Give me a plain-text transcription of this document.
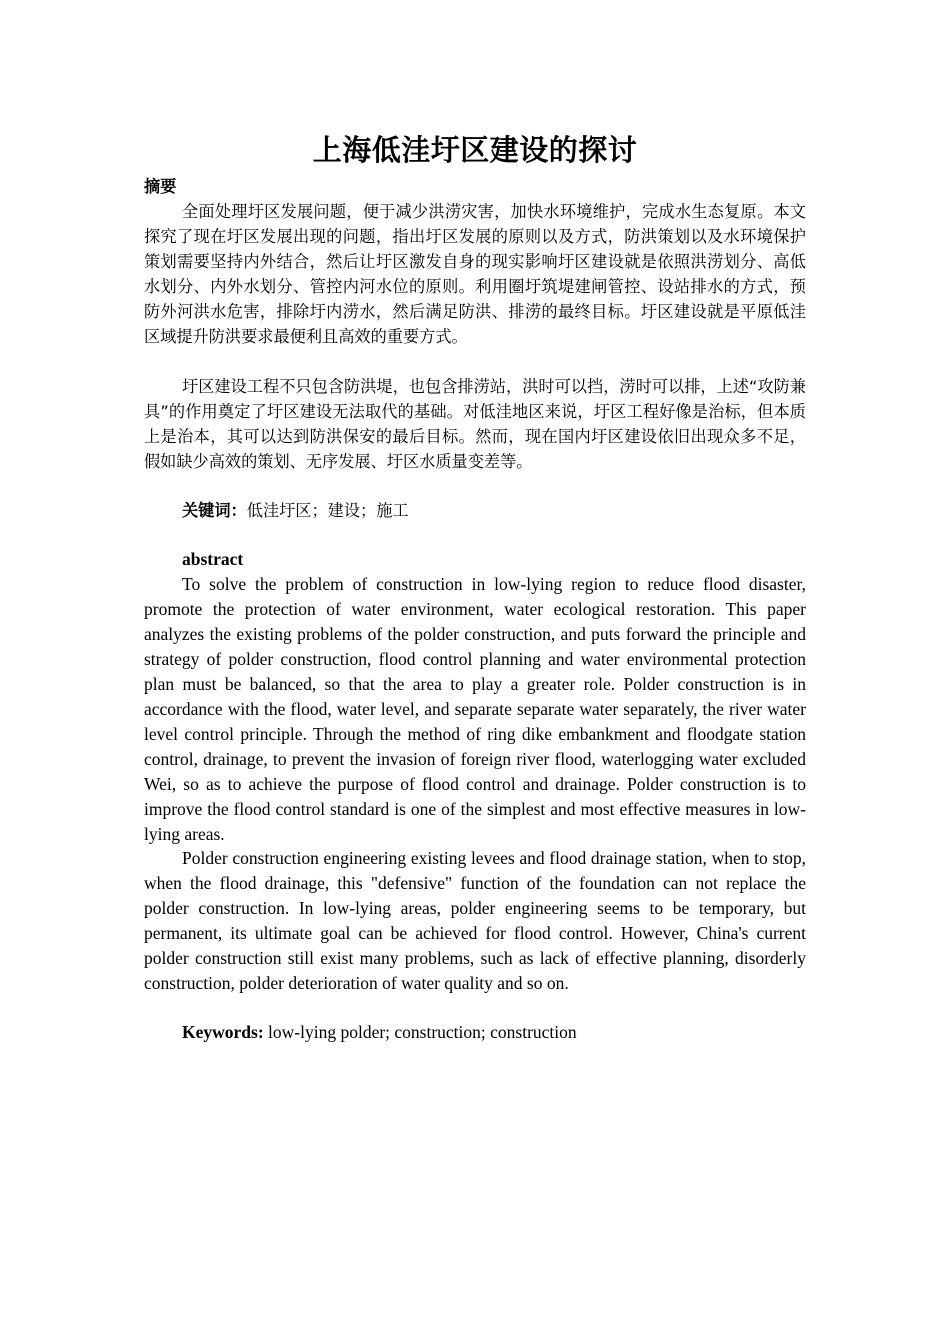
上海低洼圩区建设的探讨
摘要
全面处理圩区发展问题，便于减少洪涝灾害，加快水环境维护，完成水生态复原。本文探究了现在圩区发展出现的问题，指出圩区发展的原则以及方式，防洪策划以及水环境保护策划需要坚持内外结合，然后让圩区激发自身的现实影响圩区建设就是依照洪涝划分、高低水划分、内外水划分、管控内河水位的原则。利用圈圩筑堤建闸管控、设站排水的方式，预防外河洪水危害，排除圩内涝水，然后满足防洪、排涝的最终目标。圩区建设就是平原低洼区域提升防洪要求最便利且高效的重要方式。
圩区建设工程不只包含防洪堤，也包含排涝站，洪时可以挡，涝时可以排，上述“攻防兼具”的作用奠定了圩区建设无法取代的基础。对低洼地区来说，圩区工程好像是治标，但本质上是治本，其可以达到防洪保安的最后目标。然而，现在国内圩区建设依旧出现众多不足，假如缺少高效的策划、无序发展、圩区水质量变差等。
关键词：低洼圩区；建设；施工
abstract
To solve the problem of construction in low-lying region to reduce flood disaster, promote the protection of water environment, water ecological restoration. This paper analyzes the existing problems of the polder construction, and puts forward the principle and strategy of polder construction, flood control planning and water environmental protection plan must be balanced, so that the area to play a greater role. Polder construction is in accordance with the flood, water level, and separate separate water separately, the river water level control principle. Through the method of ring dike embankment and floodgate station control, drainage, to prevent the invasion of foreign river flood, waterlogging water excluded Wei, so as to achieve the purpose of flood control and drainage. Polder construction is to improve the flood control standard is one of the simplest and most effective measures in low-lying areas.
Polder construction engineering existing levees and flood drainage station, when to stop, when the flood drainage, this "defensive" function of the foundation can not replace the polder construction. In low-lying areas, polder engineering seems to be temporary, but permanent, its ultimate goal can be achieved for flood control. However, China's current polder construction still exist many problems, such as lack of effective planning, disorderly construction, polder deterioration of water quality and so on.
Keywords: low-lying polder; construction; construction
